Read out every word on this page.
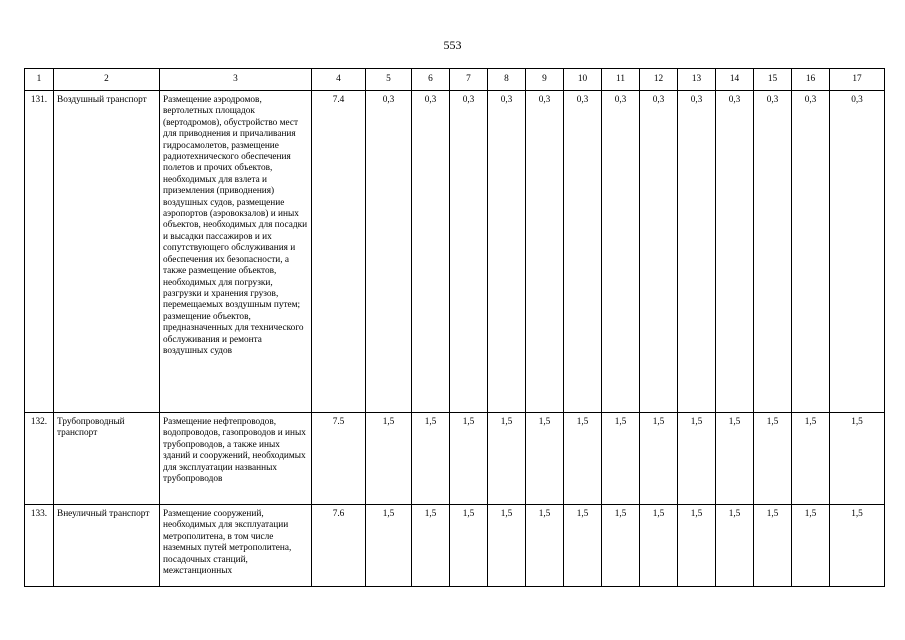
553
1	2	3	4	5	6	7	8	9	10	11	12	13	14	15	16	17
131.	Воздушный транспорт	Размещение аэродромов, вертолетных площадок (вертодромов), обустройство мест для приводнения и причаливания гидросамолетов, размещение радиотехнического обеспечения полетов и прочих объектов, необходимых для взлета и приземления (приводнения) воздушных судов, размещение аэропортов (аэровокзалов) и иных объектов, необходимых для посадки и высадки пассажиров и их сопутствующего обслуживания и обеспечения их безопасности, а также размещение объектов, необходимых для погрузки, разгрузки и хранения грузов, перемещаемых воздушным путем;
размещение объектов, предназначенных для технического обслуживания и ремонта воздушных судов	7.4	0,3	0,3	0,3	0,3	0,3	0,3	0,3	0,3	0,3	0,3	0,3	0,3	0,3
132.	Трубопроводный транспорт	Размещение нефтепроводов, водопроводов, газопроводов и иных трубопроводов, а также иных зданий и сооружений, необходимых для эксплуатации названных трубопроводов	7.5	1,5	1,5	1,5	1,5	1,5	1,5	1,5	1,5	1,5	1,5	1,5	1,5	1,5
133.	Внеуличный транспорт	Размещение сооружений, необходимых для эксплуатации метрополитена, в том числе наземных путей метрополитена, посадочных станций, межстанционных	7.6	1,5	1,5	1,5	1,5	1,5	1,5	1,5	1,5	1,5	1,5	1,5	1,5	1,5
